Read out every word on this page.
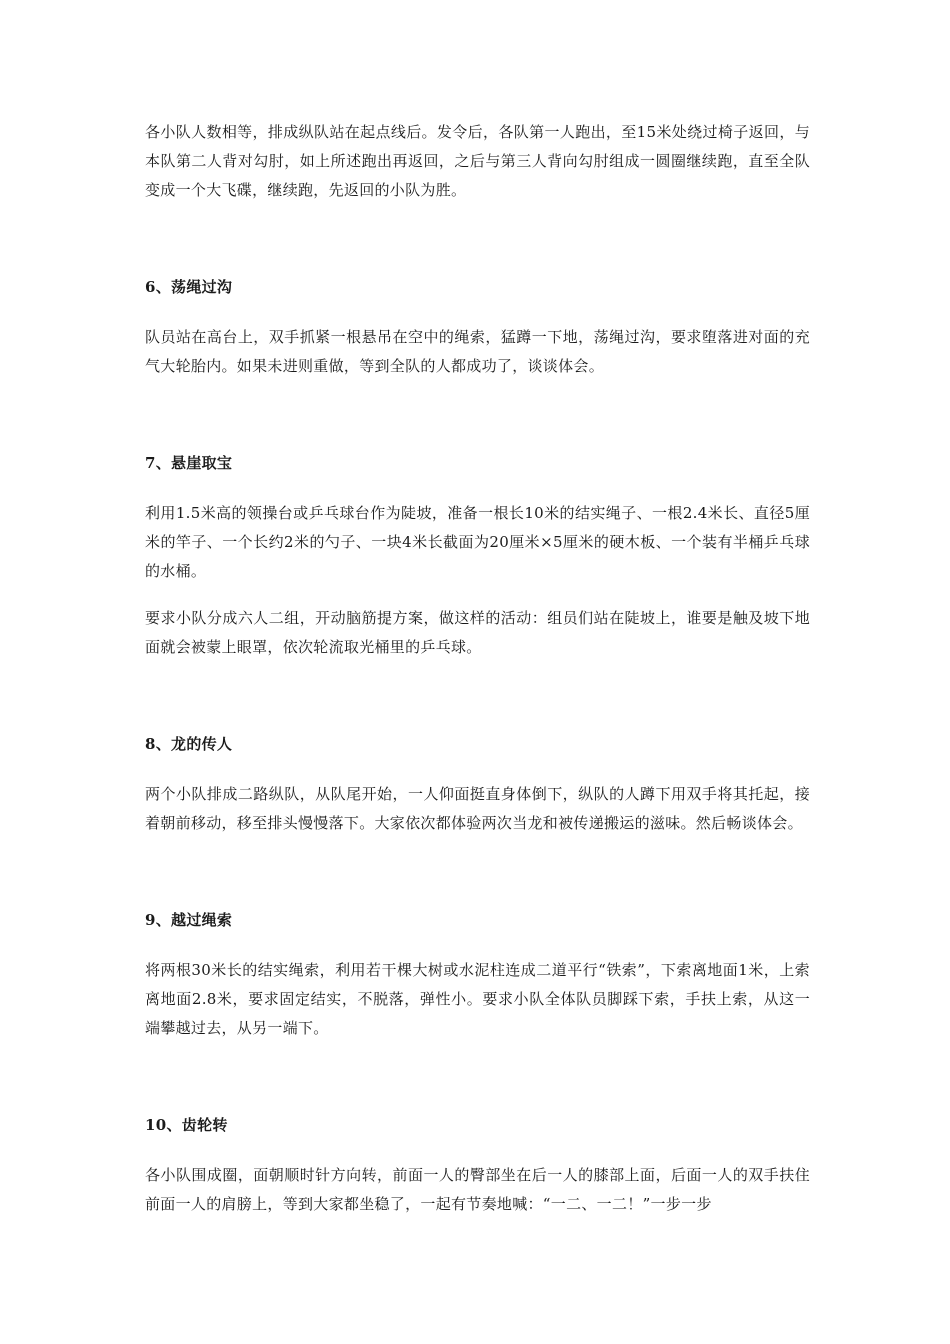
各小队人数相等，排成纵队站在起点线后。发令后，各队第一人跑出，至15米处绕过椅子返回，与本队第二人背对勾肘，如上所述跑出再返回，之后与第三人背向勾肘组成一圆圈继续跑，直至全队变成一个大飞碟，继续跑，先返回的小队为胜。

6、荡绳过沟

队员站在高台上，双手抓紧一根悬吊在空中的绳索，猛蹲一下地，荡绳过沟，要求堕落进对面的充气大轮胎内。如果未进则重做，等到全队的人都成功了，谈谈体会。

7、悬崖取宝

利用1.5米高的领操台或乒乓球台作为陡坡，准备一根长10米的结实绳子、一根2.4米长、直径5厘米的竿子、一个长约2米的勺子、一块4米长截面为20厘米×5厘米的硬木板、一个装有半桶乒乓球的水桶。

要求小队分成六人二组，开动脑筋提方案，做这样的活动：组员们站在陡坡上，谁要是触及坡下地面就会被蒙上眼罩，依次轮流取光桶里的乒乓球。

8、龙的传人

两个小队排成二路纵队，从队尾开始，一人仰面挺直身体倒下，纵队的人蹲下用双手将其托起，接着朝前移动，移至排头慢慢落下。大家依次都体验两次当龙和被传递搬运的滋味。然后畅谈体会。

9、越过绳索

将两根30米长的结实绳索，利用若干棵大树或水泥柱连成二道平行“铁索”，下索离地面1米，上索离地面2.8米，要求固定结实，不脱落，弹性小。要求小队全体队员脚踩下索，手扶上索，从这一端攀越过去，从另一端下。

10、齿轮转

各小队围成圈，面朝顺时针方向转，前面一人的臀部坐在后一人的膝部上面，后面一人的双手扶住前面一人的肩膀上，等到大家都坐稳了，一起有节奏地喊：“一二、一二！”一步一步
